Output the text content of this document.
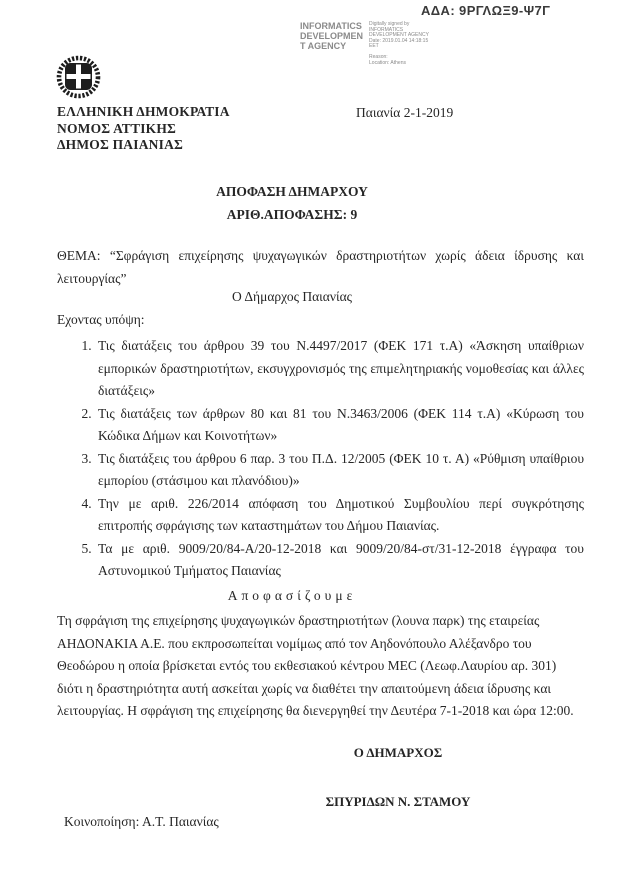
ΑΔΑ: 9ΡΓΛΩΞ9-Ψ7Γ
INFORMATICS
DEVELOPMEN
T AGENCY
Digitally signed by
INFORMATICS
DEVELOPMENT AGENCY
Date: 2019.01.04 14:18:15
EET
Reason:
Location: Athens
ΕΛΛΗΝΙΚΗ ΔΗΜΟΚΡΑΤΙΑ
ΝΟΜΟΣ ΑΤΤΙΚΗΣ
ΔΗΜΟΣ ΠΑΙΑΝΙΑΣ
Παιανία 2-1-2019
ΑΠΟΦΑΣΗ ΔΗΜΑΡΧΟΥ
ΑΡΙΘ.ΑΠΟΦΑΣΗΣ: 9
ΘΕΜΑ: “Σφράγιση επιχείρησης ψυχαγωγικών δραστηριοτήτων χωρίς άδεια ίδρυσης και λειτουργίας”
Ο Δήμαρχος Παιανίας
Εχοντας υπόψη:
1. Τις διατάξεις του άρθρου 39 του Ν.4497/2017 (ΦΕΚ 171 τ.Α) «Άσκηση υπαίθριων εμπορικών δραστηριοτήτων, εκσυγχρονισμός της επιμελητηριακής νομοθεσίας και άλλες διατάξεις»
2. Τις διατάξεις των άρθρων 80 και 81 του Ν.3463/2006 (ΦΕΚ 114 τ.Α) «Κύρωση του Κώδικα Δήμων και Κοινοτήτων»
3. Τις διατάξεις του άρθρου 6 παρ. 3 του Π.Δ. 12/2005 (ΦΕΚ 10 τ. Α) «Ρύθμιση υπαίθριου εμπορίου (στάσιμου και πλανόδιου)»
4. Την με αριθ. 226/2014 απόφαση του Δημοτικού Συμβουλίου περί συγκρότησης επιτροπής σφράγισης των καταστημάτων του Δήμου Παιανίας.
5. Τα με αριθ. 9009/20/84-Α/20-12-2018 και 9009/20/84-στ/31-12-2018 έγγραφα του Αστυνομικού Τμήματος Παιανίας
Αποφασίζουμε
Τη σφράγιση της επιχείρησης ψυχαγωγικών δραστηριοτήτων (λουνα παρκ) της εταιρείας ΑΗΔΟΝΑΚΙΑ Α.Ε. που εκπροσωπείται νομίμως από τον Αηδονόπουλο Αλέξανδρο του Θεοδώρου η οποία βρίσκεται εντός του εκθεσιακού κέντρου MEC (Λεωφ.Λαυρίου αρ. 301) διότι η δραστηριότητα αυτή ασκείται χωρίς να διαθέτει την απαιτούμενη άδεια ίδρυσης και λειτουργίας. Η σφράγιση της επιχείρησης θα διενεργηθεί την Δευτέρα 7-1-2018 και ώρα 12:00.
Ο ΔΗΜΑΡΧΟΣ
ΣΠΥΡΙΔΩΝ Ν. ΣΤΑΜΟΥ
Κοινοποίηση: Α.Τ. Παιανίας
